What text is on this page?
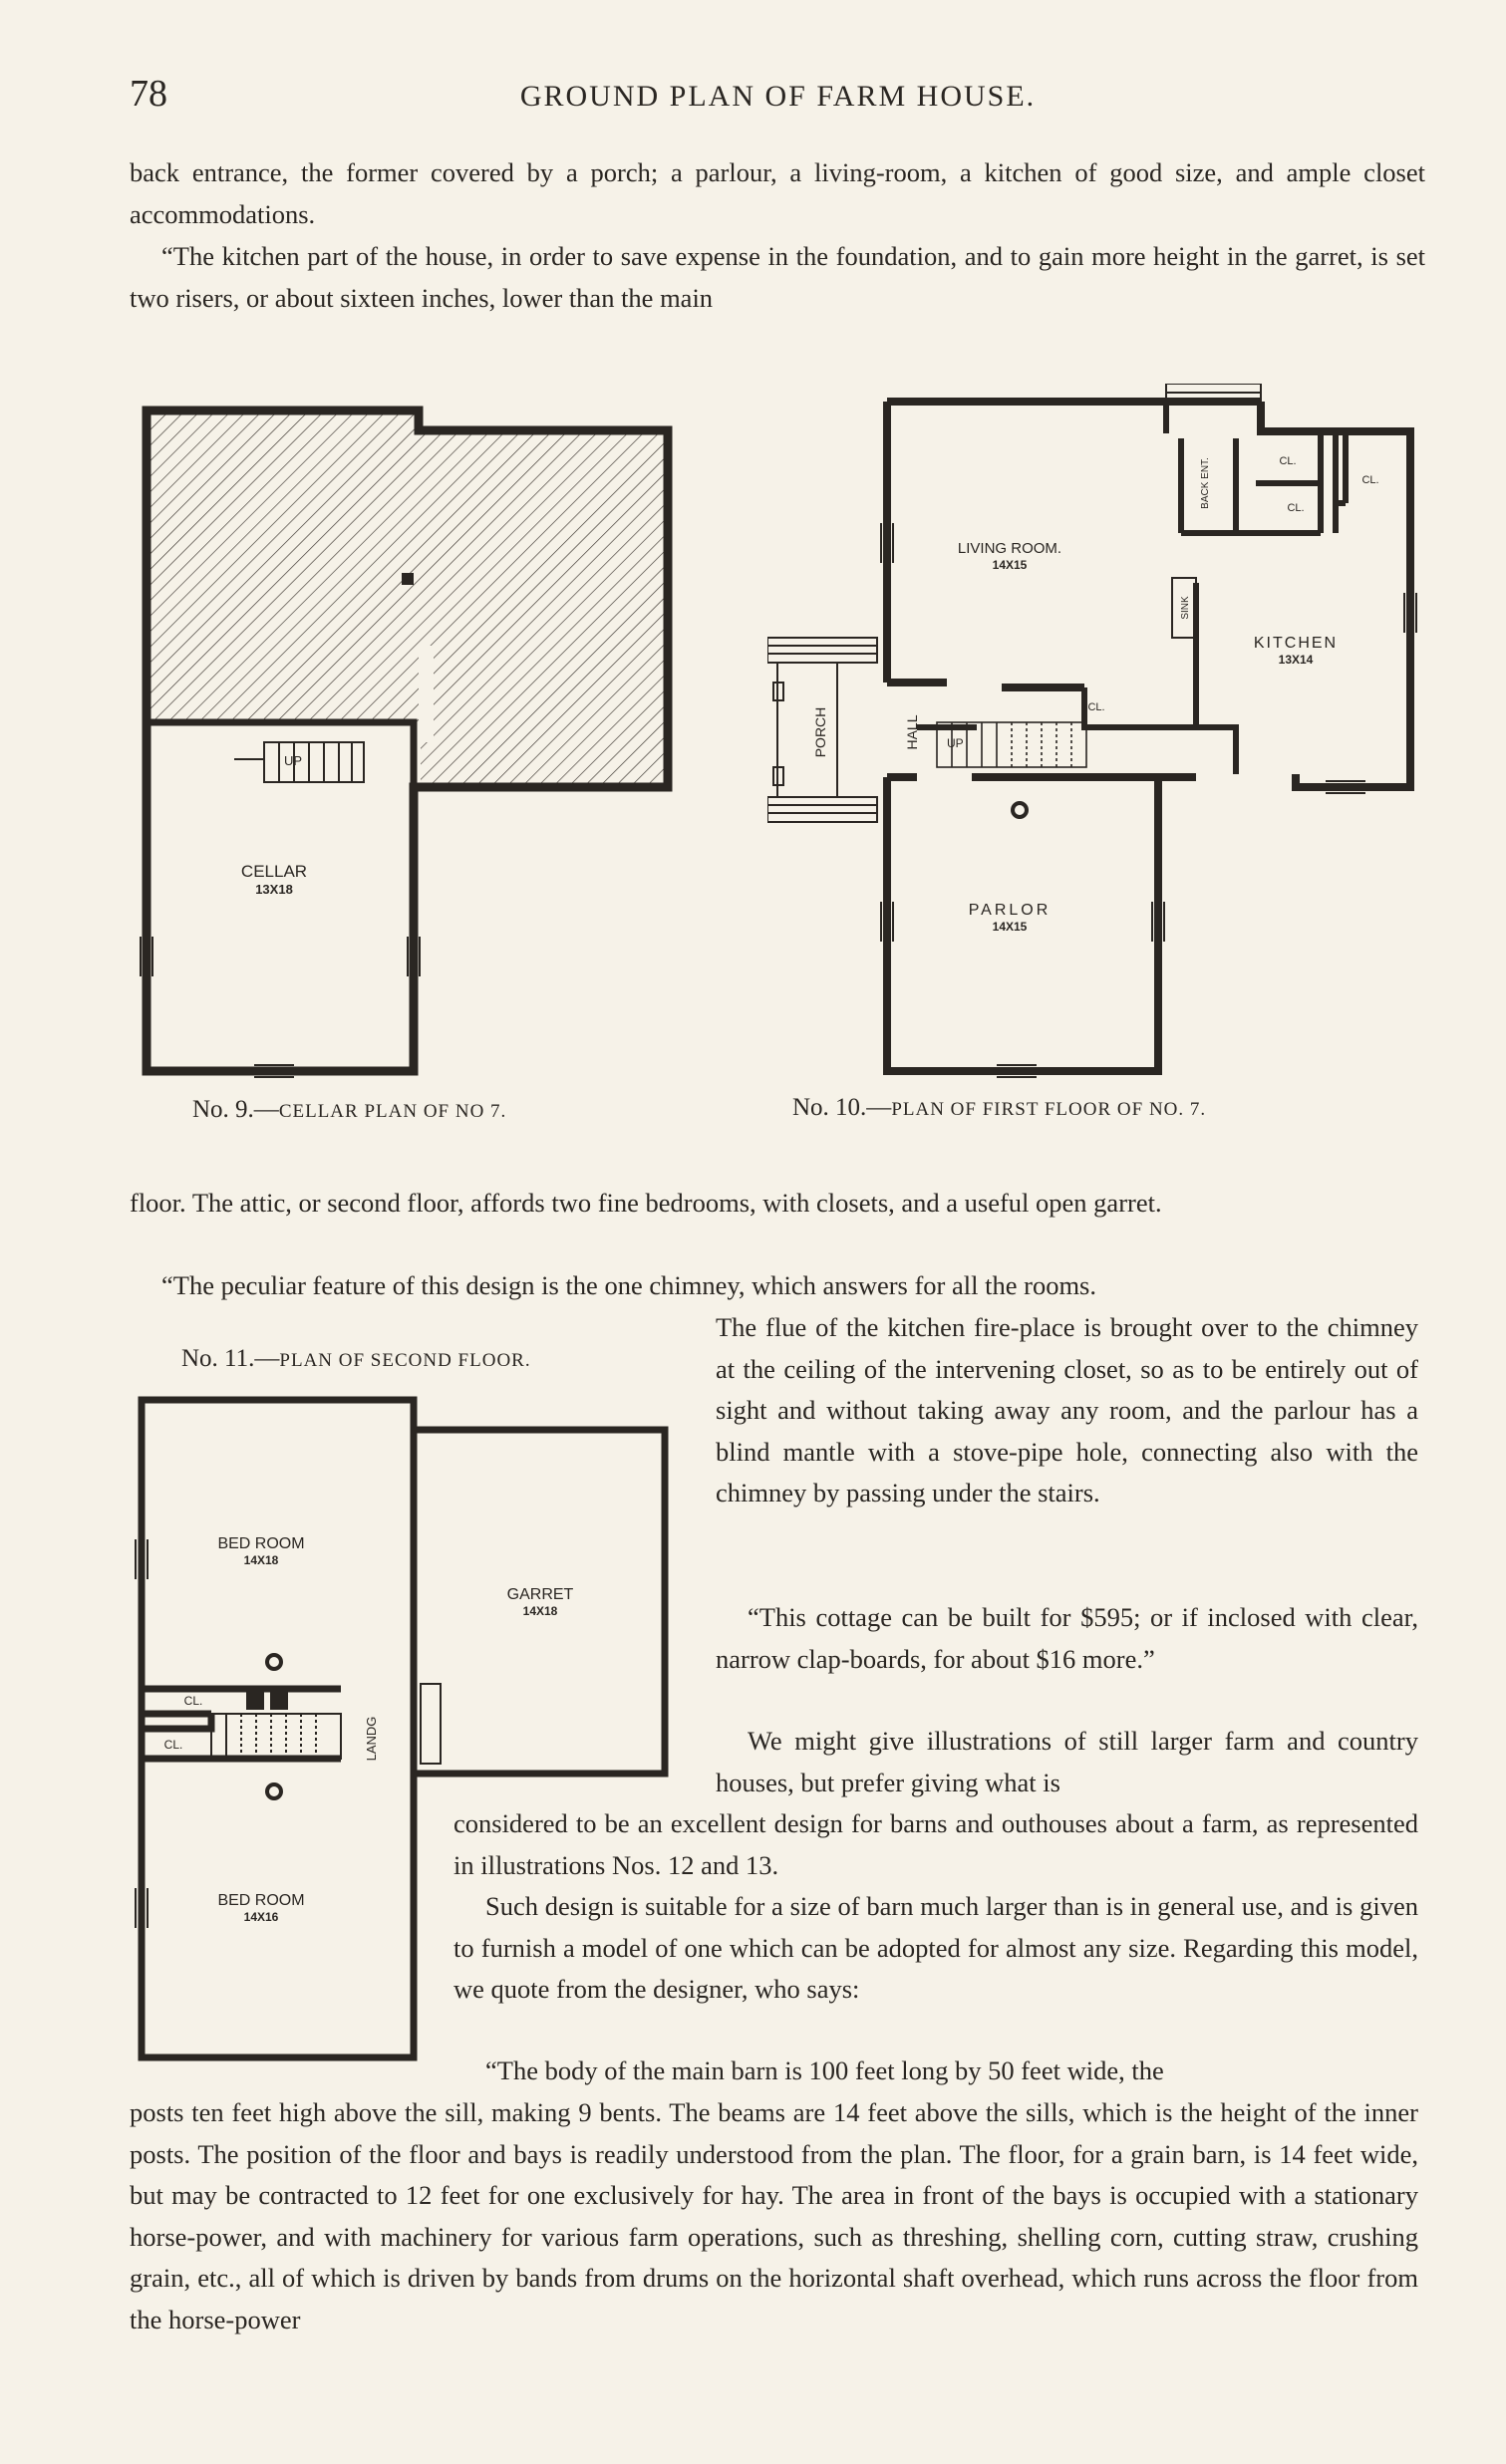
78	GROUND PLAN OF FARM HOUSE.

back entrance, the former covered by a porch; a parlour, a living-room, a kitchen of good size, and ample closet accommodations.

“The kitchen part of the house, in order to save expense in the foundation, and to gain more height in the garret, is set two risers, or about sixteen inches, lower than the main

UP
CELLAR
13X18
PORCH	HALL UP
SINK
LIVING ROOM.
14X15
KITCHEN
13X14
PARLOR
14X15
BACK ENT.	CL.
CL.
CL.
CL.
No. 9.—CELLAR PLAN OF NO 7.	No. 10.—PLAN OF FIRST FLOOR OF NO. 7.

floor. The attic, or second floor, affords two fine bedrooms, with closets, and a useful open garret.

“The peculiar feature of this design is the one chimney, which answers for all the rooms.

No. 11.—PLAN OF SECOND FLOOR.

The flue of the kitchen fire-place is brought over to the chimney at the ceiling of the intervening closet, so as to be entirely out of sight and without taking away any room, and the parlour has a blind mantle with a stove-pipe hole, connecting also with the chimney by passing under the stairs.

“This cottage can be built for $595; or if inclosed with clear, narrow clap-boards, for about $16 more.”

We might give illustrations of still larger farm and country houses, but prefer giving what is

BED ROOM
14X18
BED ROOM
14X16
GARRET
14X18
LANDG
CL.
CL.

considered to be an excellent design for barns and outhouses about a farm, as represented in illustrations Nos. 12 and 13.

Such design is suitable for a size of barn much larger than is in general use, and is given to furnish a model of one which can be adopted for almost any size. Regarding this model, we quote from the designer, who says:

“The body of the main barn is 100 feet long by 50 feet wide, the

posts ten feet high above the sill, making 9 bents. The beams are 14 feet above the sills, which is the height of the inner posts. The position of the floor and bays is readily understood from the plan. The floor, for a grain barn, is 14 feet wide, but may be contracted to 12 feet for one exclusively for hay. The area in front of the bays is occupied with a stationary horse-power, and with machinery for various farm operations, such as threshing, shelling corn, cutting straw, crushing grain, etc., all of which is driven by bands from drums on the horizontal shaft overhead, which runs across the floor from the horse-power
